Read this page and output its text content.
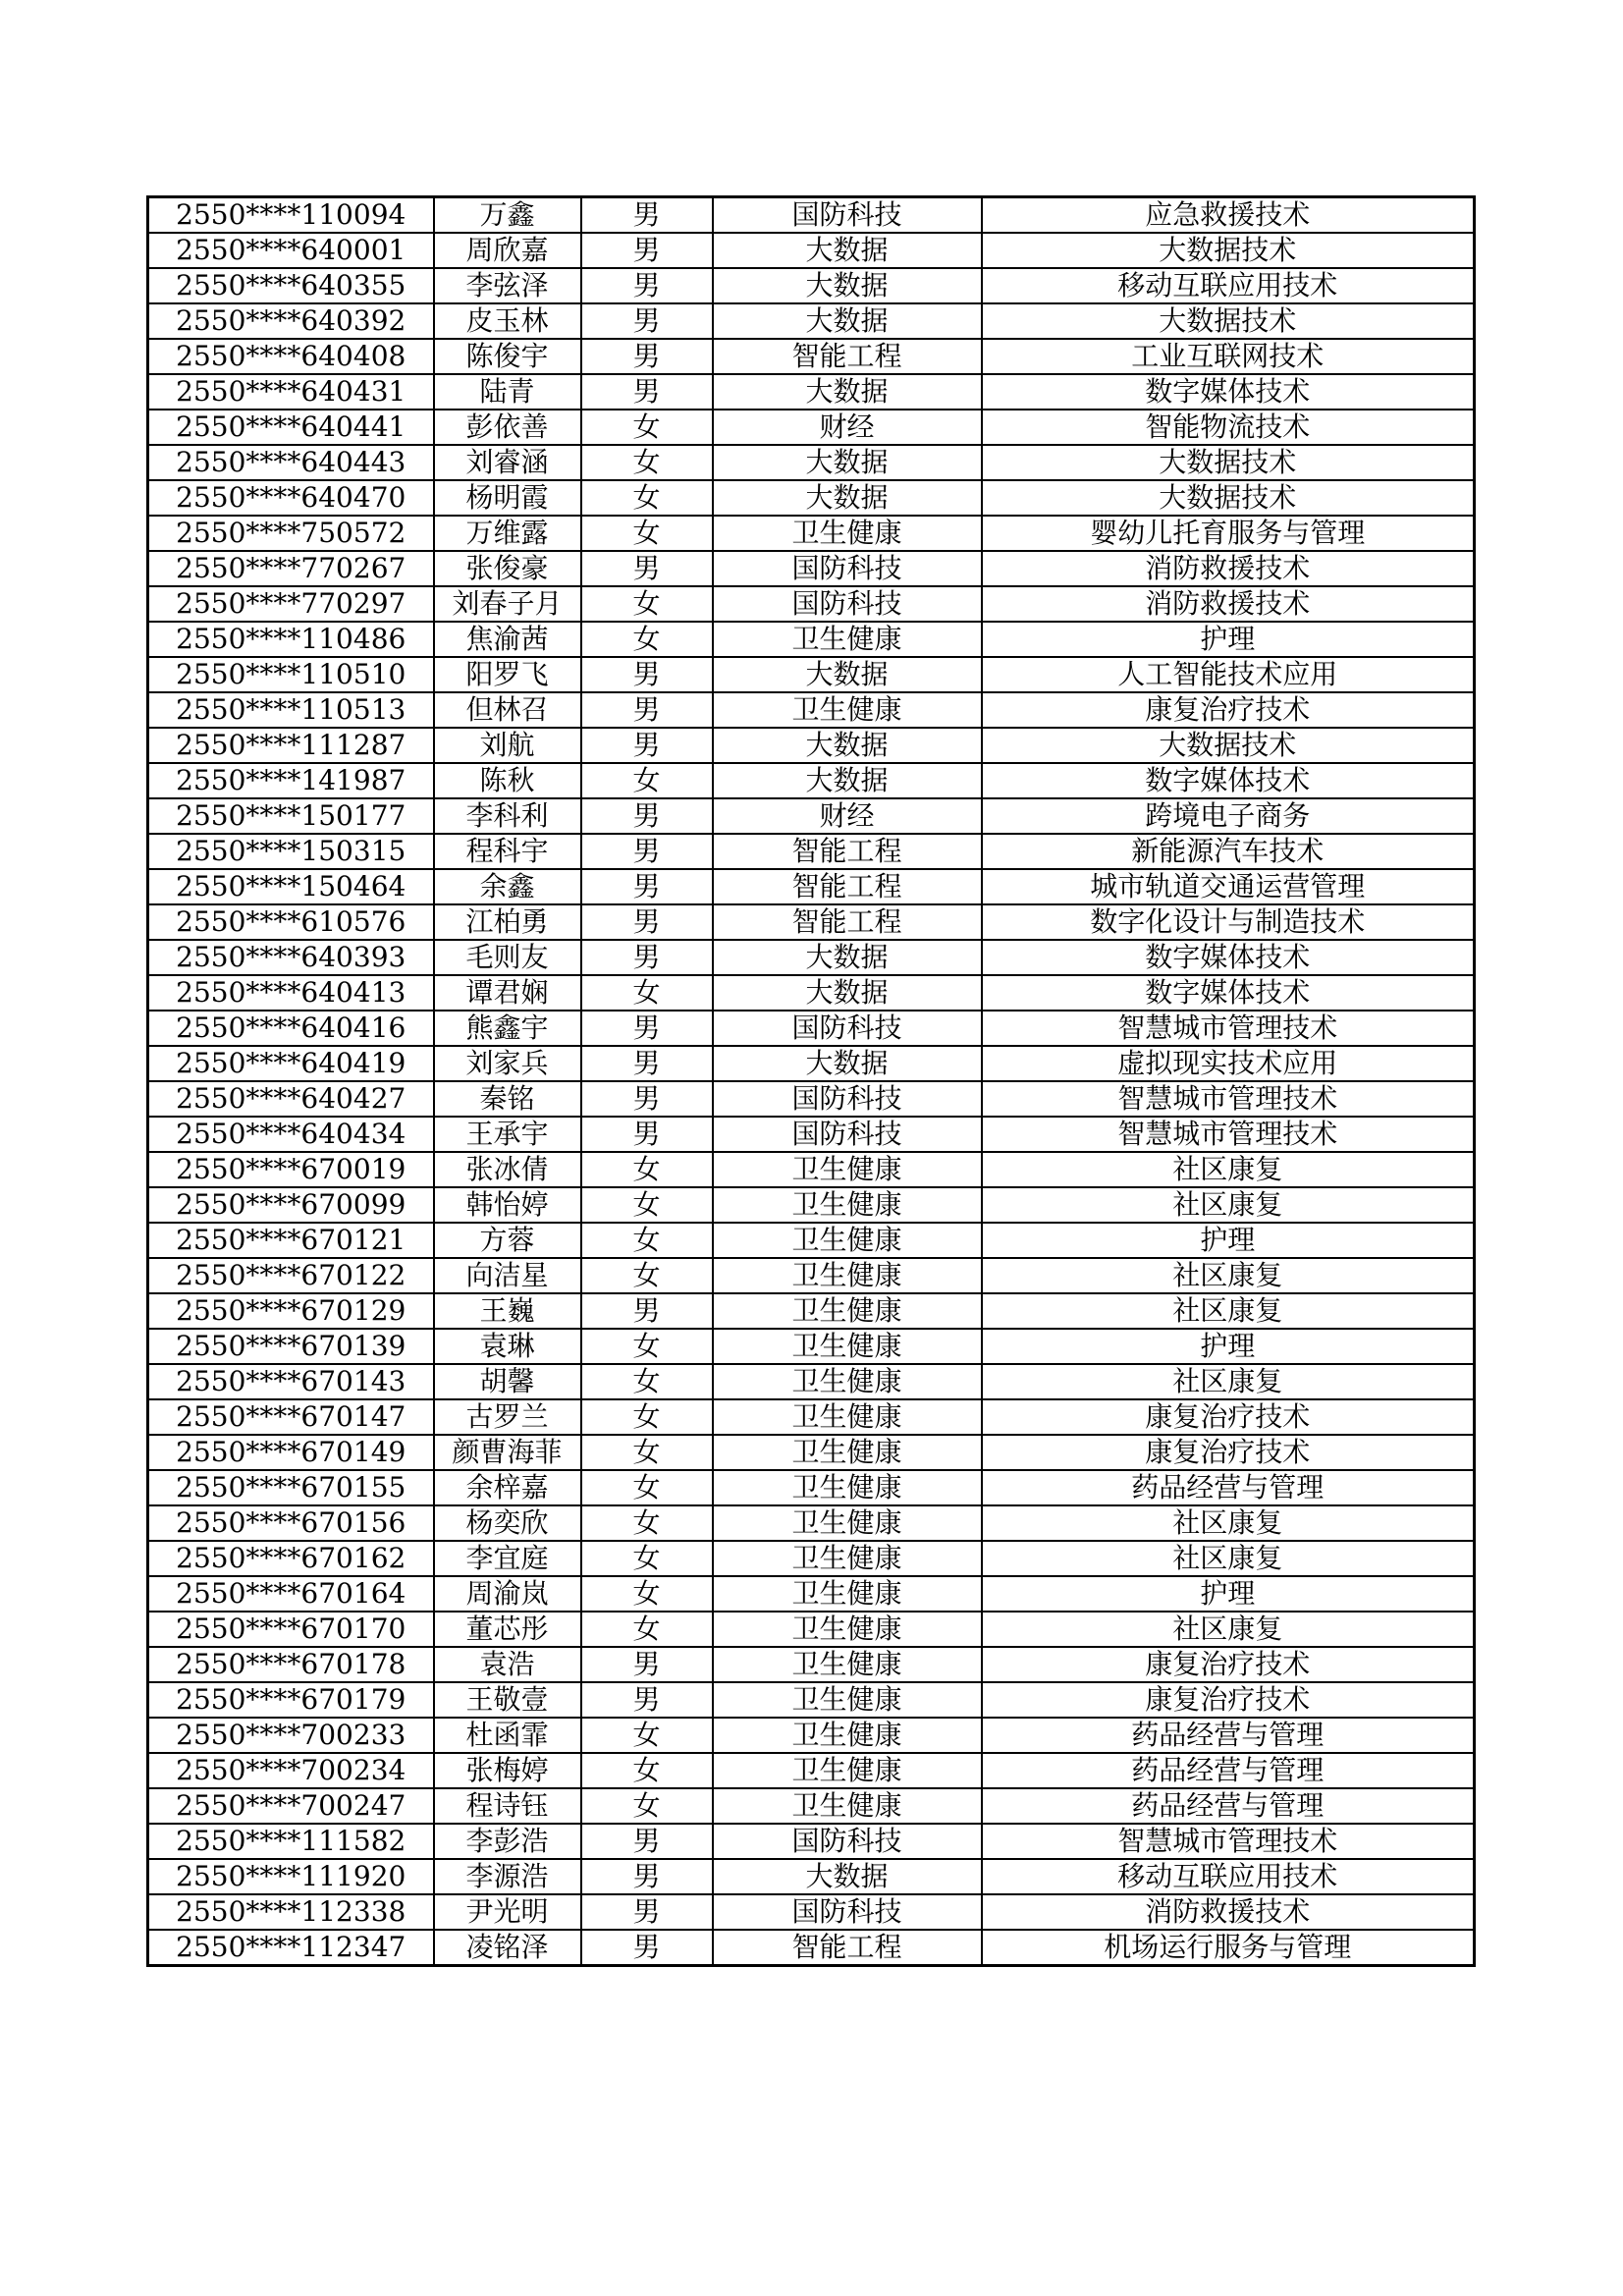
2550****110094	万鑫	男	国防科技	应急救援技术
2550****640001	周欣嘉	男	大数据	大数据技术
2550****640355	李弦泽	男	大数据	移动互联应用技术
2550****640392	皮玉林	男	大数据	大数据技术
2550****640408	陈俊宇	男	智能工程	工业互联网技术
2550****640431	陆青	男	大数据	数字媒体技术
2550****640441	彭依善	女	财经	智能物流技术
2550****640443	刘睿涵	女	大数据	大数据技术
2550****640470	杨明霞	女	大数据	大数据技术
2550****750572	万维露	女	卫生健康	婴幼儿托育服务与管理
2550****770267	张俊豪	男	国防科技	消防救援技术
2550****770297	刘春子月	女	国防科技	消防救援技术
2550****110486	焦渝茜	女	卫生健康	护理
2550****110510	阳罗飞	男	大数据	人工智能技术应用
2550****110513	但林召	男	卫生健康	康复治疗技术
2550****111287	刘航	男	大数据	大数据技术
2550****141987	陈秋	女	大数据	数字媒体技术
2550****150177	李科利	男	财经	跨境电子商务
2550****150315	程科宇	男	智能工程	新能源汽车技术
2550****150464	余鑫	男	智能工程	城市轨道交通运营管理
2550****610576	江柏勇	男	智能工程	数字化设计与制造技术
2550****640393	毛则友	男	大数据	数字媒体技术
2550****640413	谭君娴	女	大数据	数字媒体技术
2550****640416	熊鑫宇	男	国防科技	智慧城市管理技术
2550****640419	刘家兵	男	大数据	虚拟现实技术应用
2550****640427	秦铭	男	国防科技	智慧城市管理技术
2550****640434	王承宇	男	国防科技	智慧城市管理技术
2550****670019	张冰倩	女	卫生健康	社区康复
2550****670099	韩怡婷	女	卫生健康	社区康复
2550****670121	方蓉	女	卫生健康	护理
2550****670122	向洁星	女	卫生健康	社区康复
2550****670129	王巍	男	卫生健康	社区康复
2550****670139	袁琳	女	卫生健康	护理
2550****670143	胡馨	女	卫生健康	社区康复
2550****670147	古罗兰	女	卫生健康	康复治疗技术
2550****670149	颜曹海菲	女	卫生健康	康复治疗技术
2550****670155	余梓嘉	女	卫生健康	药品经营与管理
2550****670156	杨奕欣	女	卫生健康	社区康复
2550****670162	李宜庭	女	卫生健康	社区康复
2550****670164	周渝岚	女	卫生健康	护理
2550****670170	董芯彤	女	卫生健康	社区康复
2550****670178	袁浩	男	卫生健康	康复治疗技术
2550****670179	王敬壹	男	卫生健康	康复治疗技术
2550****700233	杜函霏	女	卫生健康	药品经营与管理
2550****700234	张梅婷	女	卫生健康	药品经营与管理
2550****700247	程诗钰	女	卫生健康	药品经营与管理
2550****111582	李彭浩	男	国防科技	智慧城市管理技术
2550****111920	李源浩	男	大数据	移动互联应用技术
2550****112338	尹光明	男	国防科技	消防救援技术
2550****112347	凌铭泽	男	智能工程	机场运行服务与管理
